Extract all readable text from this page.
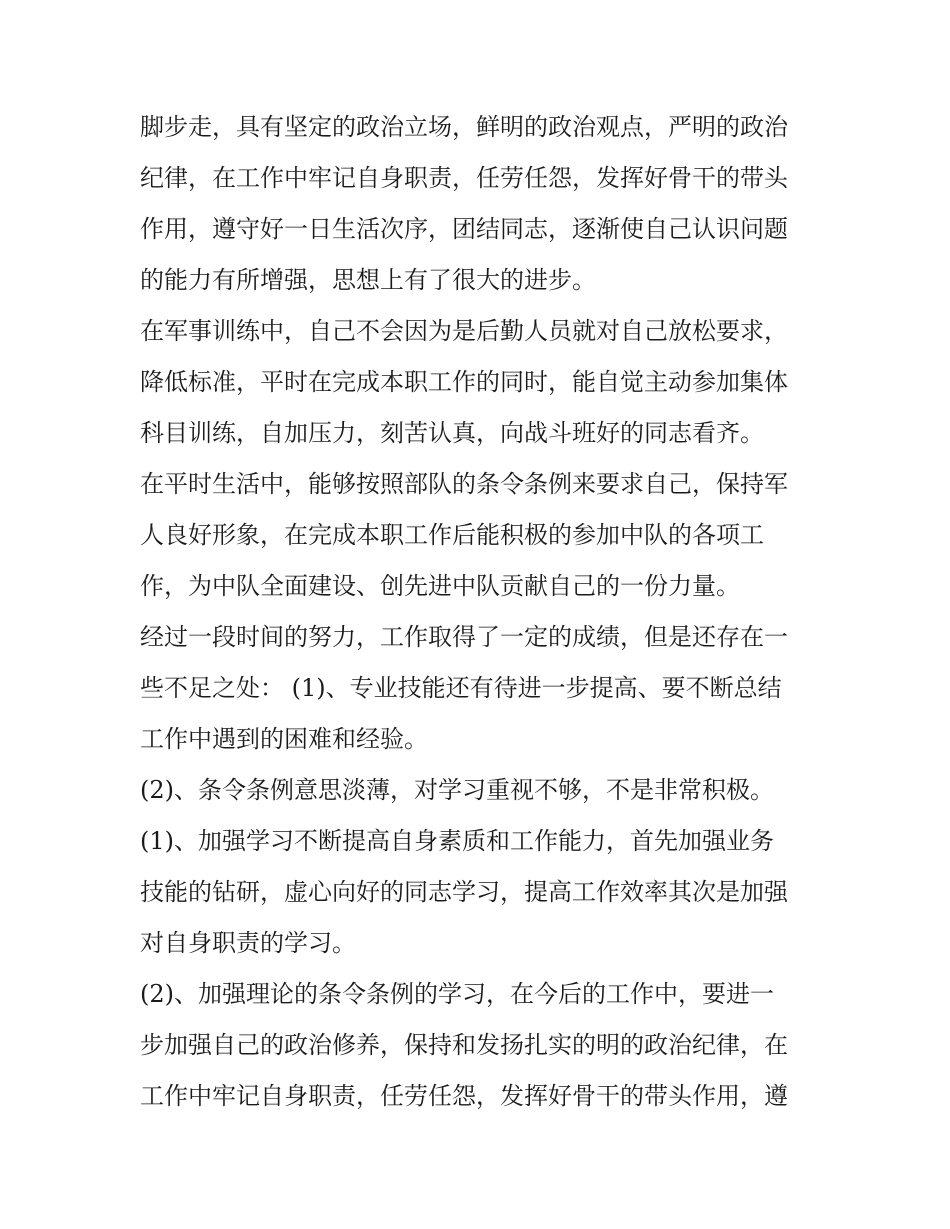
脚步走，具有坚定的政治立场，鲜明的政治观点，严明的政治
纪律，在工作中牢记自身职责，任劳任怨，发挥好骨干的带头
作用，遵守好一日生活次序，团结同志，逐渐使自己认识问题
的能力有所增强，思想上有了很大的进步。
在军事训练中，自己不会因为是后勤人员就对自己放松要求，
降低标准，平时在完成本职工作的同时，能自觉主动参加集体
科目训练，自加压力，刻苦认真，向战斗班好的同志看齐。
在平时生活中，能够按照部队的条令条例来要求自己，保持军
人良好形象，在完成本职工作后能积极的参加中队的各项工
作，为中队全面建设、创先进中队贡献自己的一份力量。
经过一段时间的努力，工作取得了一定的成绩，但是还存在一
些不足之处： (1)、专业技能还有待进一步提高、要不断总结
工作中遇到的困难和经验。
(2)、条令条例意思淡薄，对学习重视不够，不是非常积极。
(1)、加强学习不断提高自身素质和工作能力，首先加强业务
技能的钻研，虚心向好的同志学习，提高工作效率其次是加强
对自身职责的学习。
(2)、加强理论的条令条例的学习，在今后的工作中，要进一
步加强自己的政治修养，保持和发扬扎实的明的政治纪律，在
工作中牢记自身职责，任劳任怨，发挥好骨干的带头作用，遵
